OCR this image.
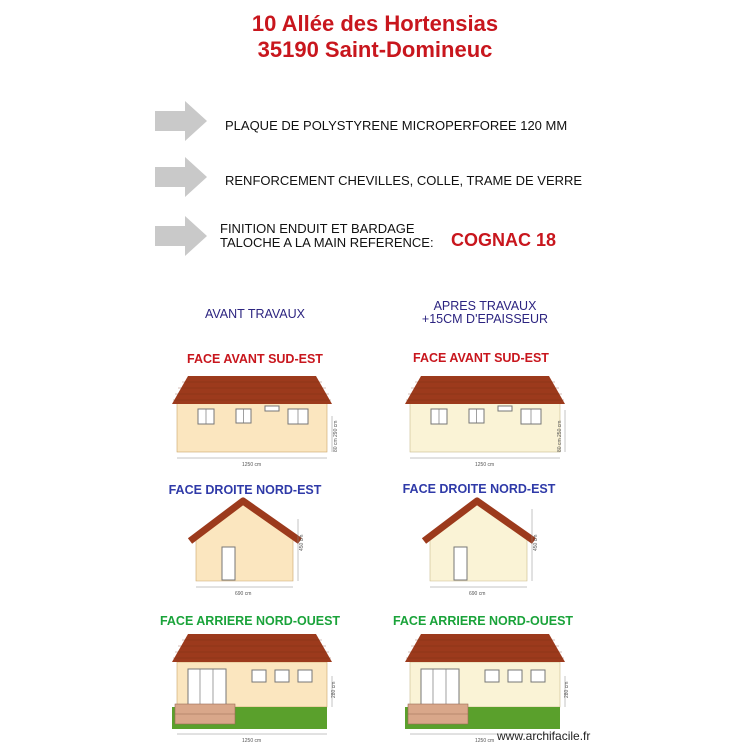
10 Allée des Hortensias
35190 Saint-Domineuc
PLAQUE DE POLYSTYRENE MICROPERFOREE 120 MM
RENFORCEMENT CHEVILLES, COLLE, TRAME DE VERRE
FINITION ENDUIT ET BARDAGE
TALOCHE A LA MAIN REFERENCE: COGNAC 18
AVANT TRAVAUX
APRES TRAVAUX
+15CM D'EPAISSEUR
FACE AVANT SUD-EST	FACE AVANT SUD-EST
FACE DROITE NORD-EST	FACE DROITE NORD-EST
FACE ARRIERE NORD-OUEST	FACE ARRIERE NORD-OUEST
1250 cm
80 cm 290 cm
1250 cm
80 cm 250 cm
690 cm
450 cm
690 cm
450 cm
1250 cm
280 cm
1250 cm
280 cm
www.archifacile.fr
